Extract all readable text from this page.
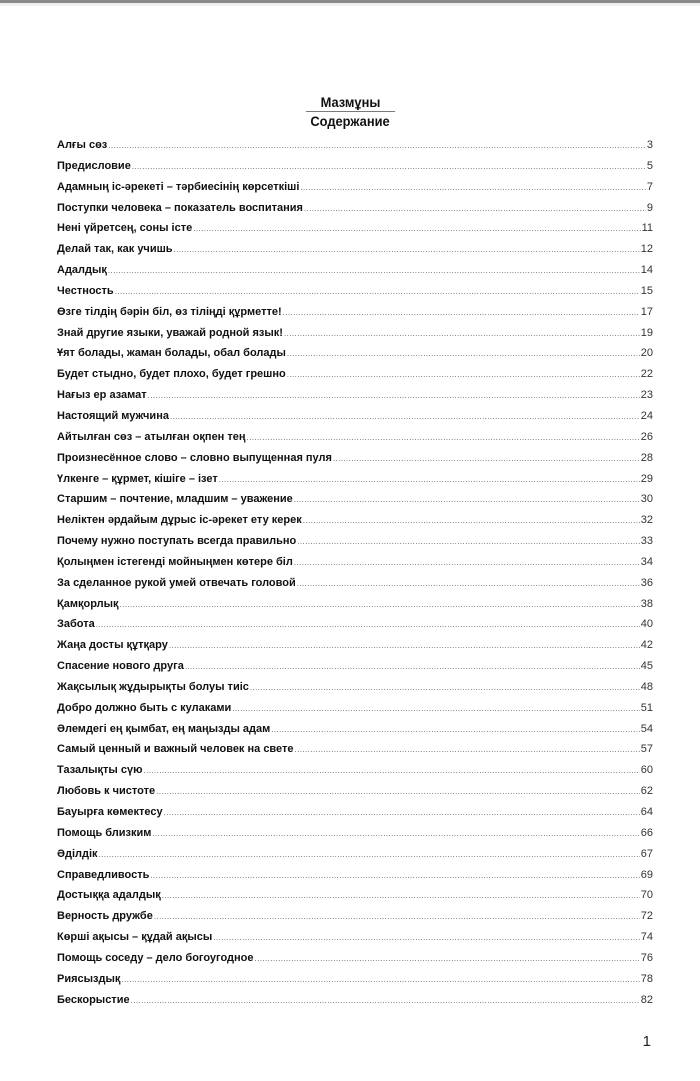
Мазмұны
Содержание
Алғы сөз .....	3
Предисловие .....	5
Адамның іс-әрекеті – тәрбиесінің көрсеткіші .....	7
Поступки человека – показатель воспитания .....	9
Нені үйретсең, соны істе .....	11
Делай так, как учишь .....	12
Адалдық .....	14
Честность .....	15
Өзге тілдің бәрін біл, өз тіліңді құрметте! .....	17
Знай другие языки, уважай родной язык! .....	19
Ұят болады, жаман болады, обал болады .....	20
Будет стыдно, будет плохо, будет грешно .....	22
Нағыз ер азамат .....	23
Настоящий мужчина .....	24
Айтылған сөз – атылған оқпен тең .....	26
Произнесённое слово – словно выпущенная пуля .....	28
Үлкенге – құрмет, кішіге – ізет .....	29
Старшим – почтение, младшим – уважение .....	30
Неліктен әрдайым дұрыс іс-әрекет ету керек .....	32
Почему нужно поступать всегда правильно .....	33
Қолыңмен істегенді мойныңмен көтере біл .....	34
За сделанное рукой умей отвечать головой .....	36
Қамқорлық .....	38
Забота .....	40
Жаңа досты құтқару .....	42
Спасение нового друга .....	45
Жақсылық жұдырықты болуы тиіс .....	48
Добро должно быть с кулаками .....	51
Әлемдегі ең қымбат, ең маңызды адам .....	54
Самый ценный и важный человек на свете .....	57
Тазалықты сүю .....	60
Любовь к чистоте .....	62
Бауырға көмектесу .....	64
Помощь близким .....	66
Әділдік .....	67
Справедливость .....	69
Достыққа адалдық .....	70
Верность дружбе .....	72
Көрші ақысы – құдай ақысы .....	74
Помощь соседу – дело богоугодное .....	76
Риясыздық .....	78
Бескорыстие .....	82
1
